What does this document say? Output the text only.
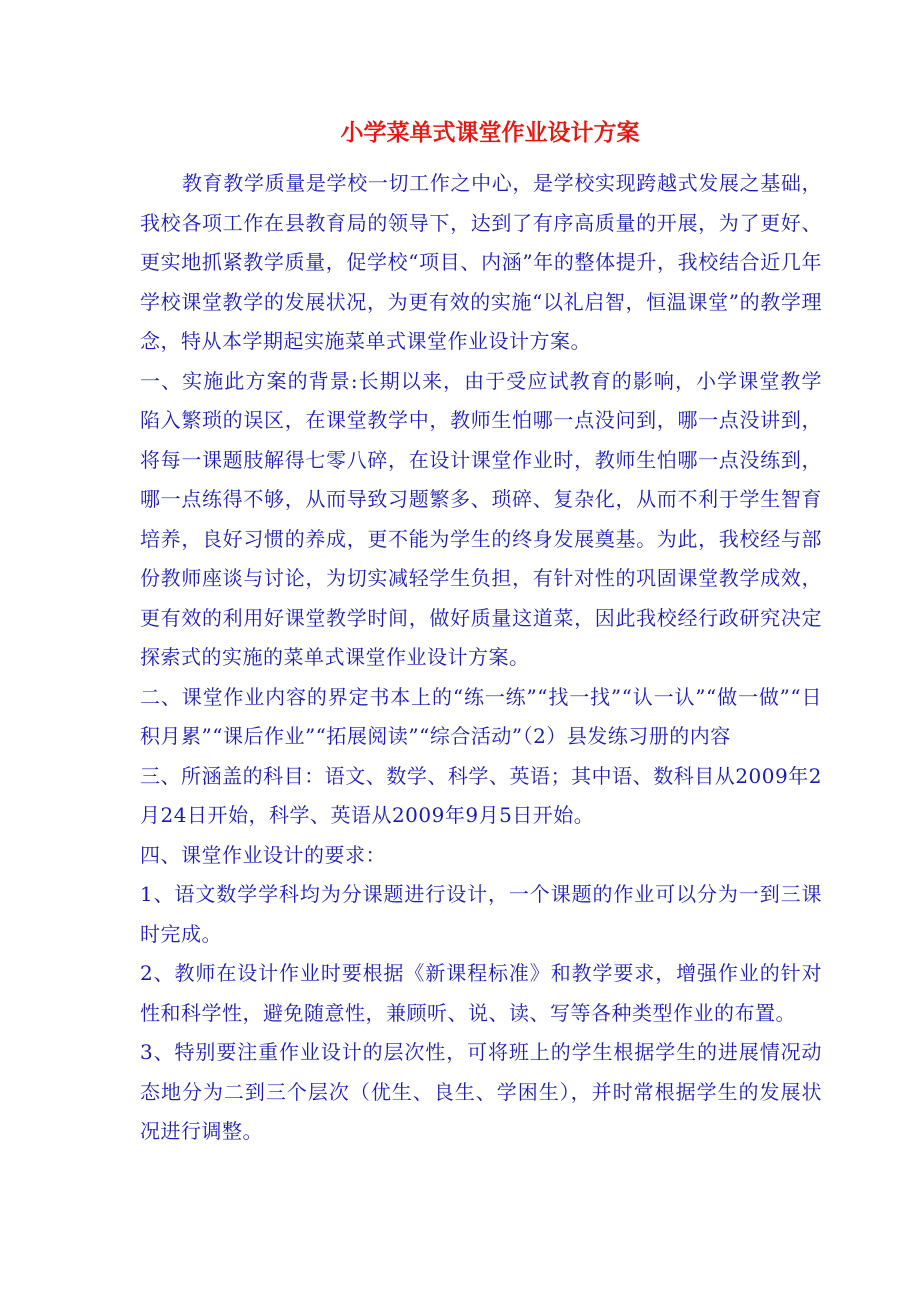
小学菜单式课堂作业设计方案

教育教学质量是学校一切工作之中心，是学校实现跨越式发展之基础，我校各项工作在县教育局的领导下，达到了有序高质量的开展，为了更好、更实地抓紧教学质量，促学校“项目、内涵”年的整体提升，我校结合近几年学校课堂教学的发展状况，为更有效的实施“以礼启智，恒温课堂”的教学理念，特从本学期起实施菜单式课堂作业设计方案。

一、实施此方案的背景:长期以来，由于受应试教育的影响，小学课堂教学陷入繁琐的误区，在课堂教学中，教师生怕哪一点没问到，哪一点没讲到，将每一课题肢解得七零八碎，在设计课堂作业时，教师生怕哪一点没练到，哪一点练得不够，从而导致习题繁多、琐碎、复杂化，从而不利于学生智育培养，良好习惯的养成，更不能为学生的终身发展奠基。为此，我校经与部份教师座谈与讨论，为切实减轻学生负担，有针对性的巩固课堂教学成效，更有效的利用好课堂教学时间，做好质量这道菜，因此我校经行政研究决定探索式的实施的菜单式课堂作业设计方案。

二、课堂作业内容的界定书本上的“练一练”“找一找”“认一认”“做一做”“日积月累”“课后作业”“拓展阅读”“综合活动”（2）县发练习册的内容

三、所涵盖的科目：语文、数学、科学、英语；其中语、数科目从2009年2月24日开始，科学、英语从2009年9月5日开始。

四、课堂作业设计的要求：

1、语文数学学科均为分课题进行设计，一个课题的作业可以分为一到三课时完成。

2、教师在设计作业时要根据《新课程标准》和教学要求，增强作业的针对性和科学性，避免随意性，兼顾听、说、读、写等各种类型作业的布置。

3、特别要注重作业设计的层次性，可将班上的学生根据学生的进展情况动态地分为二到三个层次（优生、良生、学困生），并时常根据学生的发展状况进行调整。
